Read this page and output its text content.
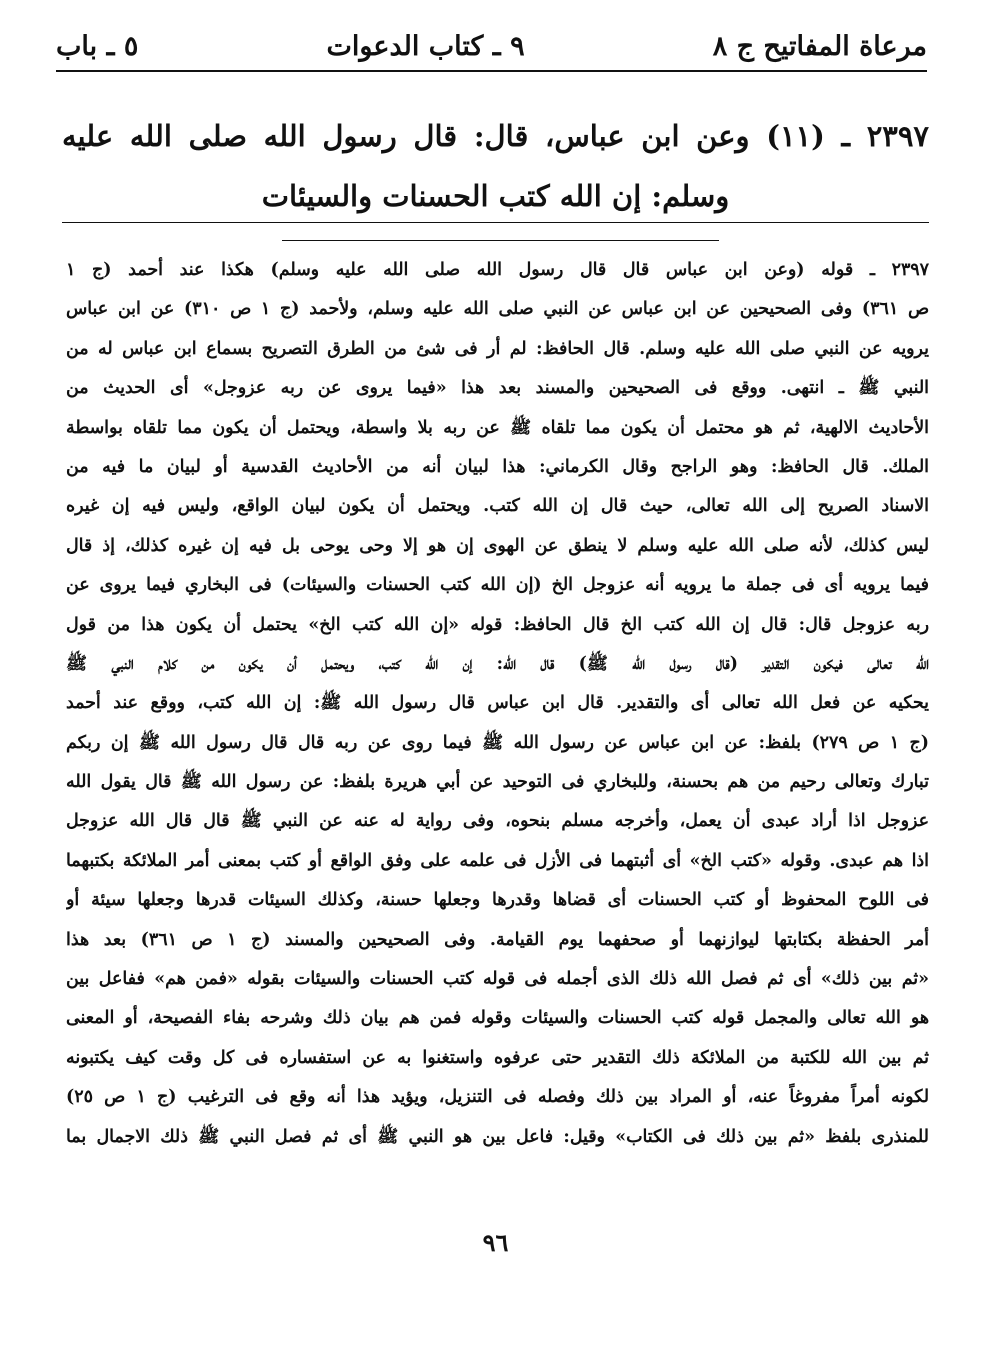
مرعاة المفاتيح ج ٨
٩ ـ كتاب الدعوات
٥ ـ باب
٢٣٩٧ ـ (١١) وعن ابن عباس، قال: قال رسول الله صلى الله عليه وسلم: إن الله كتب الحسنات والسيئات
٢٣٩٧ ـ قوله (وعن ابن عباس قال قال رسول الله صلى الله عليه وسلم) هكذا عند أحمد (ج ١
ص ٣٦١) وفى الصحيحين عن ابن عباس عن النبي صلى الله عليه وسلم، ولأحمد (ج ١ ص ٣١٠) عن ابن عباس
يرويه عن النبي صلى الله عليه وسلم. قال الحافظ: لم أر فى شئ من الطرق التصريح بسماع ابن عباس له من
النبي ﷺ ـ انتهى. ووقع فى الصحيحين والمسند بعد هذا «فيما يروى عن ربه عزوجل» أى الحديث من
الأحاديث الالهية، ثم هو محتمل أن يكون مما تلقاه ﷺ عن ربه بلا واسطة، ويحتمل أن يكون مما تلقاه بواسطة
الملك. قال الحافظ: وهو الراجح وقال الكرماني: هذا لبيان أنه من الأحاديث القدسية أو لبيان ما فيه من
الاسناد الصريح إلى الله تعالى، حيث قال إن الله كتب. ويحتمل أن يكون لبيان الواقع، وليس فيه إن غيره
ليس كذلك، لأنه صلى الله عليه وسلم لا ينطق عن الهوى إن هو إلا وحى يوحى بل فيه إن غيره كذلك، إذ قال
فيما يرويه أى فى جملة ما يرويه أنه عزوجل الخ (إن الله كتب الحسنات والسيئات) فى البخاري فيما يروى عن
ربه عزوجل قال: قال إن الله كتب الخ قال الحافظ: قوله «إن الله كتب الخ» يحتمل أن يكون هذا من قول
الله تعالى فيكون التقدير (قال رسول الله ﷺ) قال الله: إن الله كتب، ويحتمل أن يكون من كلام النبي ﷺ
يحكيه عن فعل الله تعالى أى والتقدير. قال ابن عباس قال رسول الله ﷺ: إن الله كتب، ووقع عند أحمد
(ج ١ ص ٢٧٩) بلفظ: عن ابن عباس عن رسول الله ﷺ فيما روى عن ربه قال قال رسول الله ﷺ إن ربكم
تبارك وتعالى رحيم من هم بحسنة، وللبخاري فى التوحيد عن أبي هريرة بلفظ: عن رسول الله ﷺ قال يقول الله
عزوجل اذا أراد عبدى أن يعمل، وأخرجه مسلم بنحوه، وفى رواية له عنه عن النبي ﷺ قال قال الله عزوجل
اذا هم عبدى. وقوله «كتب الخ» أى أثبتهما فى الأزل فى علمه على وفق الواقع أو كتب بمعنى أمر الملائكة بكتبهما
فى اللوح المحفوظ أو كتب الحسنات أى قضاها وقدرها وجعلها حسنة، وكذلك السيئات قدرها وجعلها سيئة أو
أمر الحفظة بكتابتها ليوازنهما أو صحفهما يوم القيامة. وفى الصحيحين والمسند (ج ١ ص ٣٦١) بعد هذا
«ثم بين ذلك» أى ثم فصل الله ذلك الذى أجمله فى قوله كتب الحسنات والسيئات بقوله «فمن هم» ففاعل بين
هو الله تعالى والمجمل قوله كتب الحسنات والسيئات وقوله فمن هم بيان ذلك وشرحه بفاء الفصيحة، أو المعنى
ثم بين الله للكتبة من الملائكة ذلك التقدير حتى عرفوه واستغنوا به عن استفساره فى كل وقت كيف يكتبونه
لكونه أمراً مفروغاً عنه، أو المراد بين ذلك وفصله فى التنزيل، ويؤيد هذا أنه وقع فى الترغيب (ج ١ ص ٢٥)
للمنذرى بلفظ «ثم بين ذلك فى الكتاب» وقيل: فاعل بين هو النبي ﷺ أى ثم فصل النبي ﷺ ذلك الاجمال بما
٩٦
